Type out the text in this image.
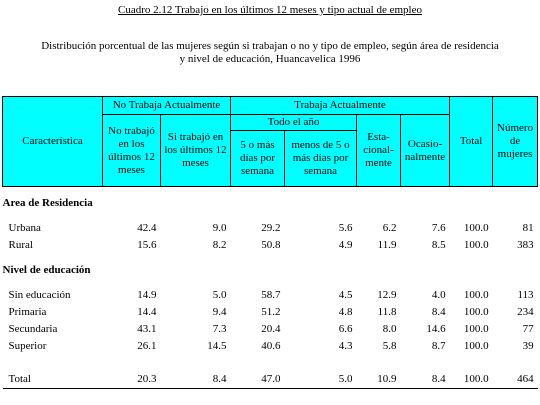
Cuadro 2.12 Trabajo en los últimos 12 meses y tipo actual de empleo
Distribución porcentual de las mujeres según si trabajan o no y tipo de empleo, según área de residencia
y nivel de educación, Huancavelica 1996
Característica	No Trabaja Actualmente		Trabaja Actualmente				Total	Número de mujeres
	No trabajó en los últimos 12 meses	Si trabajó en los últimos 12 meses	Todo el año		Esta- cional- mente	Ocasio- nalmente		
			5 o más días por semana	menos de 5 o más días por semana				

Area de Residencia								

Urbana	42.4	9.0	29.2	5.6	6.2	7.6	100.0	81
Rural	15.6	8.2	50.8	4.9	11.9	8.5	100.0	383

Nivel de educación								

Sin educación	14.9	5.0	58.7	4.5	12.9	4.0	100.0	113
Primaria	14.4	9.4	51.2	4.8	11.8	8.4	100.0	234
Secundaria	43.1	7.3	20.4	6.6	8.0	14.6	100.0	77
Superior	26.1	14.5	40.6	4.3	5.8	8.7	100.0	39

Total	20.3	8.4	47.0	5.0	10.9	8.4	100.0	464
